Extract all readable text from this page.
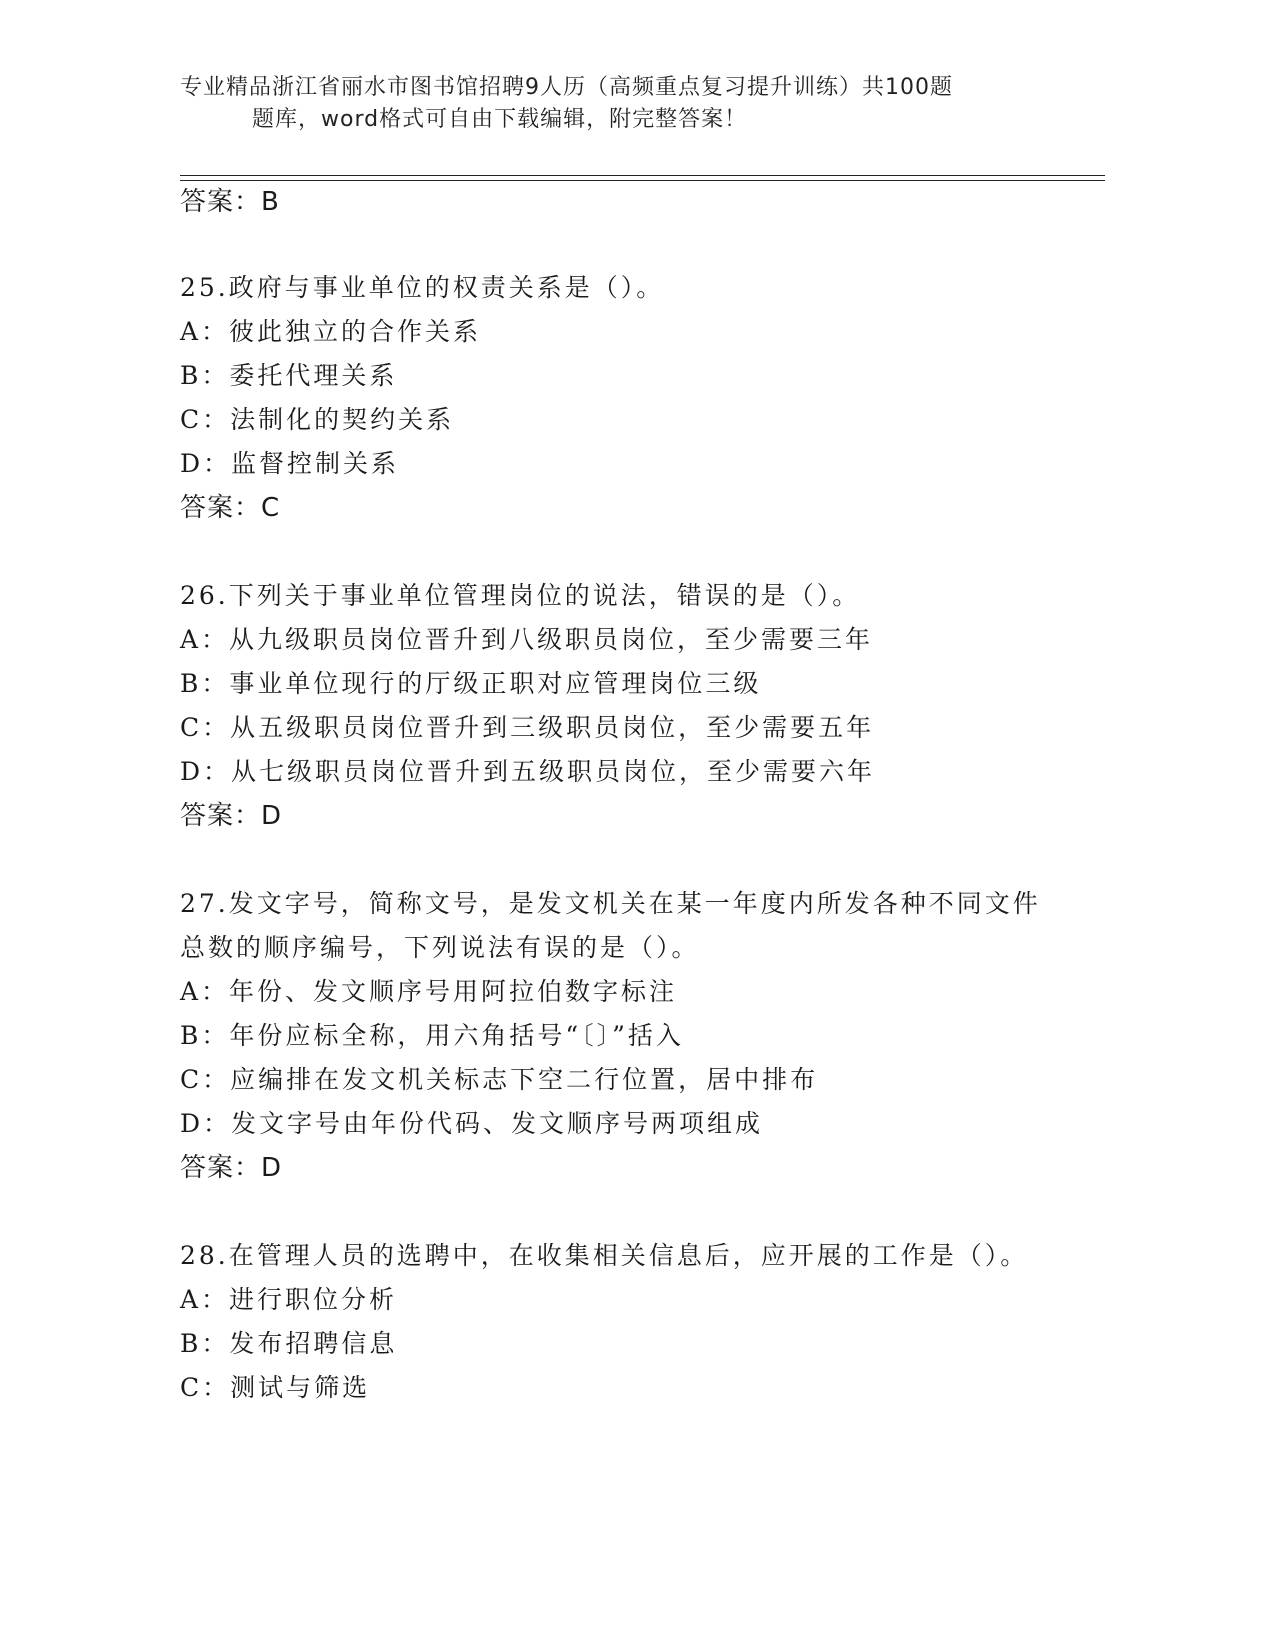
专业精品浙江省丽水市图书馆招聘9人历（高频重点复习提升训练）共100题
题库，word格式可自由下载编辑，附完整答案！
答案：B
25.政府与事业单位的权责关系是（）。
A：彼此独立的合作关系
B：委托代理关系
C：法制化的契约关系
D：监督控制关系
答案：C
26.下列关于事业单位管理岗位的说法，错误的是（）。
A：从九级职员岗位晋升到八级职员岗位，至少需要三年
B：事业单位现行的厅级正职对应管理岗位三级
C：从五级职员岗位晋升到三级职员岗位，至少需要五年
D：从七级职员岗位晋升到五级职员岗位，至少需要六年
答案：D
27.发文字号，简称文号，是发文机关在某一年度内所发各种不同文件
总数的顺序编号，下列说法有误的是（）。
A：年份、发文顺序号用阿拉伯数字标注
B：年份应标全称，用六角括号“〔〕”括入
C：应编排在发文机关标志下空二行位置，居中排布
D：发文字号由年份代码、发文顺序号两项组成
答案：D
28.在管理人员的选聘中，在收集相关信息后，应开展的工作是（）。
A：进行职位分析
B：发布招聘信息
C：测试与筛选
